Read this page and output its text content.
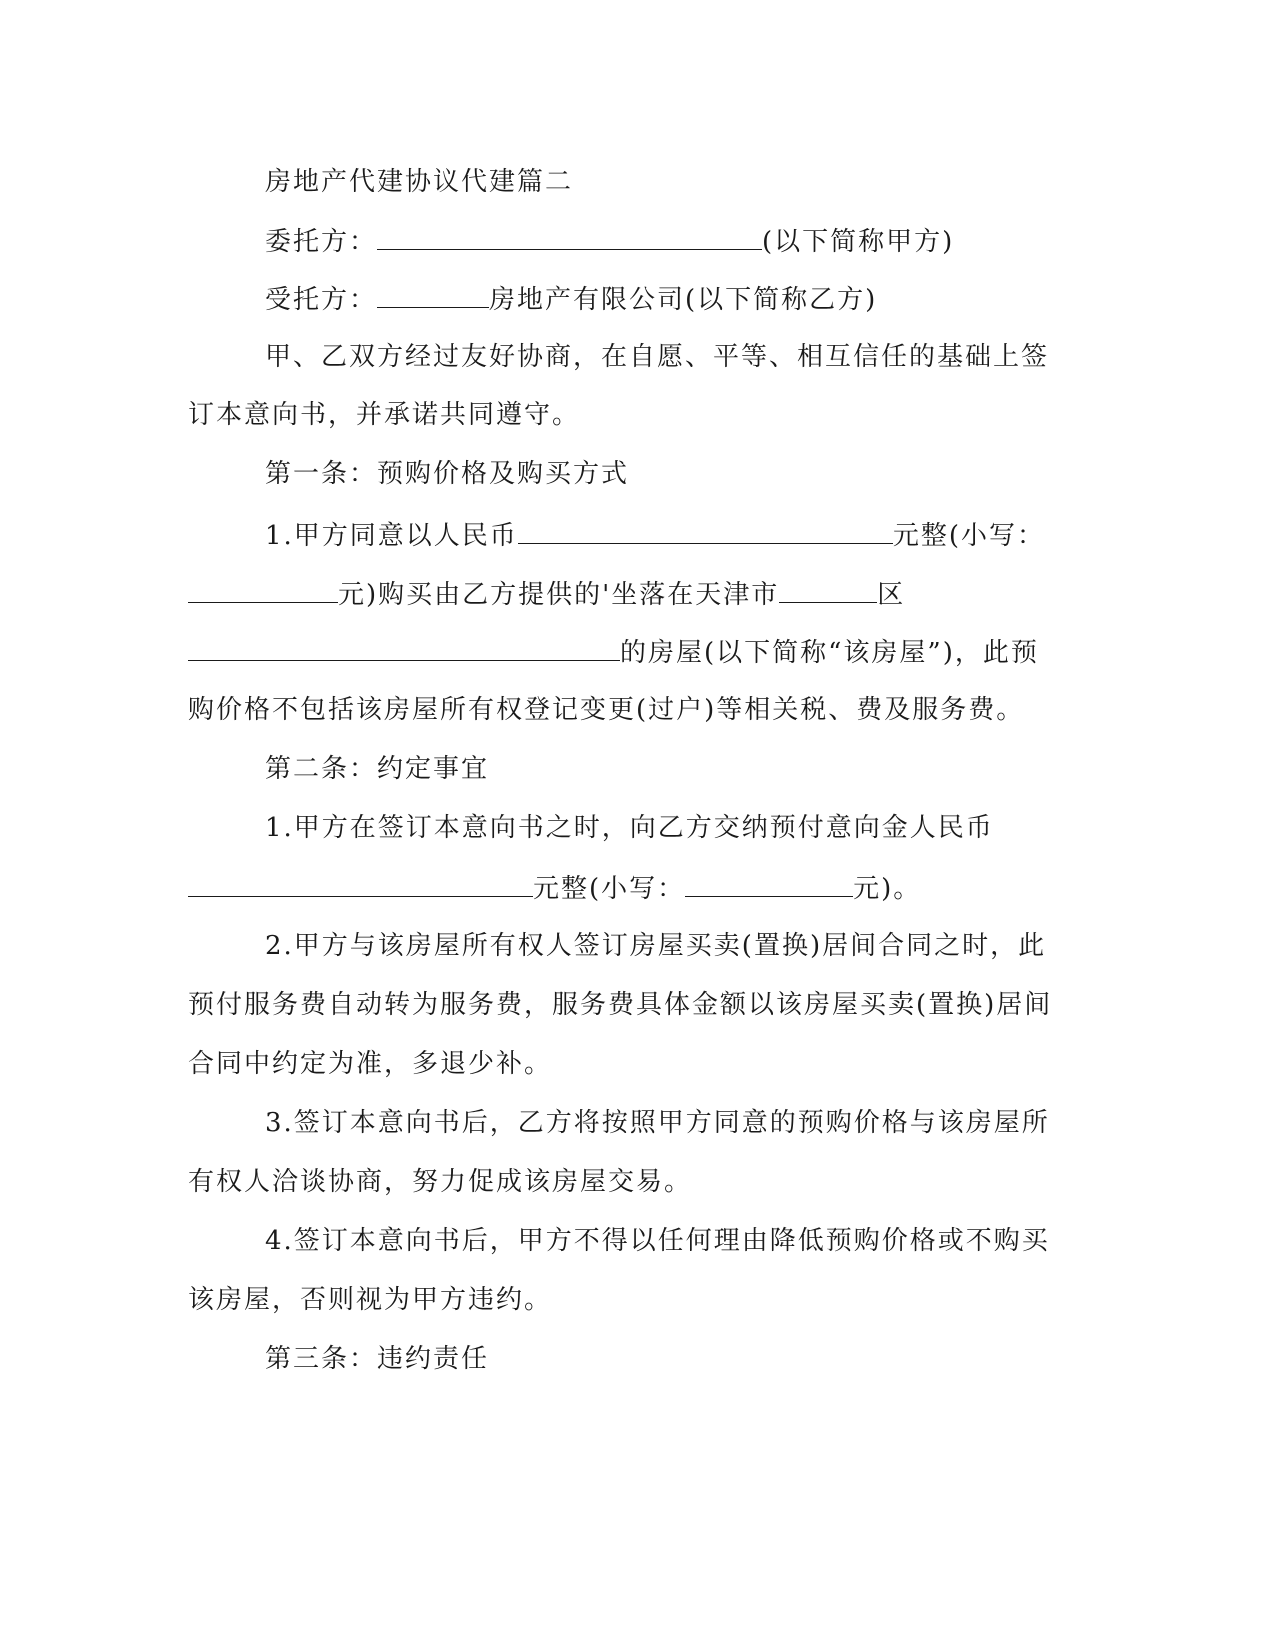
房地产代建协议代建篇二
委托方：	(以下简称甲方)
受托方：	房地产有限公司(以下简称乙方)
甲、乙双方经过友好协商，在自愿、平等、相互信任的基础上签
订本意向书，并承诺共同遵守。
第一条：预购价格及购买方式
1.甲方同意以人民币	元整(小写：
元)购买由乙方提供的'坐落在天津市	区
的房屋(以下简称“该房屋”)，此预
购价格不包括该房屋所有权登记变更(过户)等相关税、费及服务费。
第二条：约定事宜
1.甲方在签订本意向书之时，向乙方交纳预付意向金人民币
元整(小写：	元)。
2.甲方与该房屋所有权人签订房屋买卖(置换)居间合同之时，此
预付服务费自动转为服务费，服务费具体金额以该房屋买卖(置换)居间
合同中约定为准，多退少补。
3.签订本意向书后，乙方将按照甲方同意的预购价格与该房屋所
有权人洽谈协商，努力促成该房屋交易。
4.签订本意向书后，甲方不得以任何理由降低预购价格或不购买
该房屋，否则视为甲方违约。
第三条：违约责任
